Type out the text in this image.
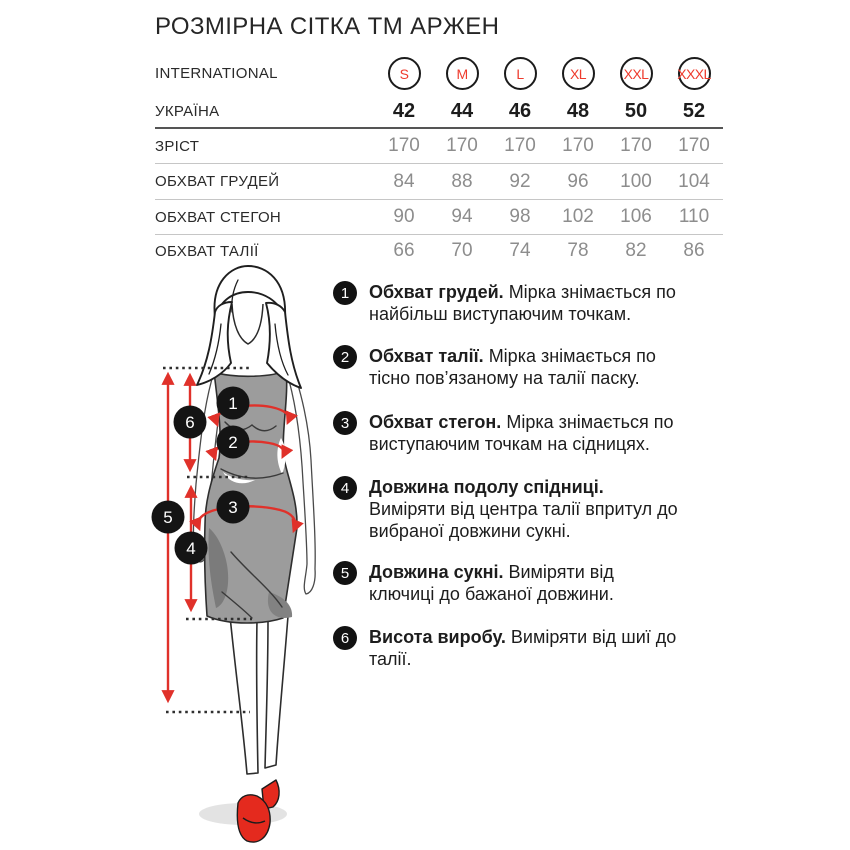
РОЗМІРНА СІТКА ТМ АРЖЕН
INTERNATIONAL	S	M	L	XL	XXL	XXXL
УКРАЇНА	42	44	46	48	50	52
ЗРІСТ	170	170	170	170	170	170
ОБХВАТ ГРУДЕЙ	84	88	92	96	100	104
ОБХВАТ СТЕГОН	90	94	98	102	106	110
ОБХВАТ ТАЛІЇ	66	70	74	78	82	86
1
2
3
6
5
4
1	Обхват грудей. Мірка знімається по найбільш виступаючим точкам.
2	Обхват талії. Мірка знімається по тісно пов’язаному на талії паску.
3	Обхват стегон. Мірка знімається по виступаючим точкам на сідницях.
4	Довжина подолу спідниці. Виміряти від центра талії впритул до вибраної довжини сукні.
5	Довжина сукні. Виміряти від ключиці до бажаної довжини.
6	Висота виробу. Виміряти від шиї до талії.
